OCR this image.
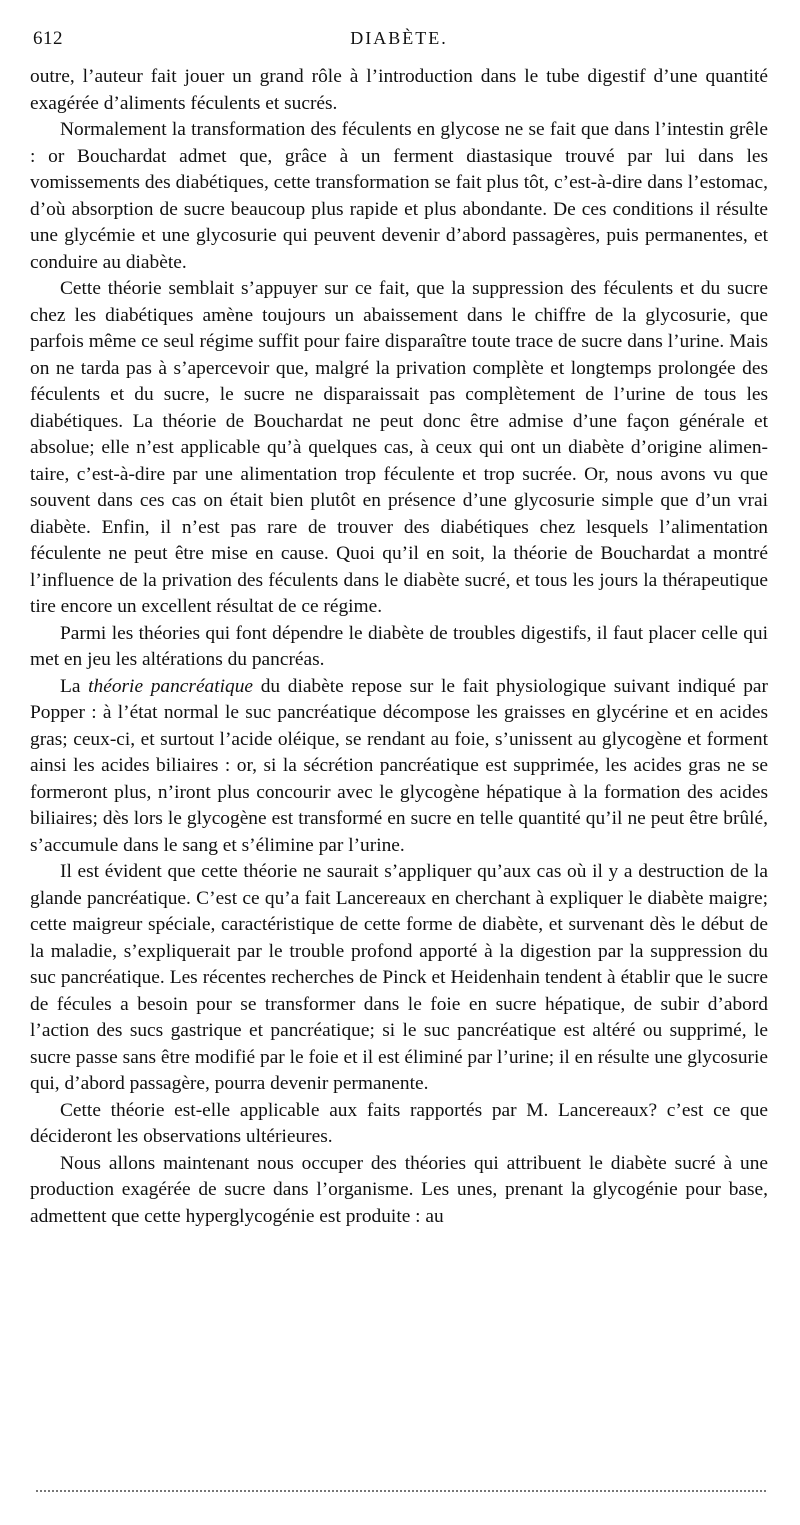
612	DIABÈTE.

outre, l’auteur fait jouer un grand rôle à l’introduction dans le tube digestif d’une quantité exagérée d’aliments féculents et sucrés.

Normalement la transformation des féculents en glycose ne se fait que dans l’intestin grêle : or Bouchardat admet que, grâce à un ferment diastasique trouvé par lui dans les vomissements des diabétiques, cette transformation se fait plus tôt, c’est-à-dire dans l’estomac, d’où absorption de sucre beaucoup plus rapide et plus abondante. De ces conditions il résulte une glycémie et une glycosurie qui peuvent devenir d’abord passagères, puis permanentes, et conduire au diabète.

Cette théorie semblait s’appuyer sur ce fait, que la suppression des féculents et du sucre chez les diabétiques amène toujours un abaissement dans le chiffre de la glycosurie, que parfois même ce seul régime suffit pour faire disparaître toute trace de sucre dans l’urine. Mais on ne tarda pas à s’apercevoir que, malgré la privation complète et longtemps prolongée des féculents et du sucre, le sucre ne disparaissait pas complètement de l’urine de tous les diabétiques. La théorie de Bouchardat ne peut donc être admise d’une façon générale et absolue; elle n’est applicable qu’à quelques cas, à ceux qui ont un diabète d’origine alimentaire, c’est-à-dire par une alimentation trop féculente et trop sucrée. Or, nous avons vu que souvent dans ces cas on était bien plutôt en présence d’une glycosurie simple que d’un vrai diabète. Enfin, il n’est pas rare de trouver des diabétiques chez lesquels l’alimentation féculente ne peut être mise en cause. Quoi qu’il en soit, la théorie de Bouchardat a montré l’influence de la privation des féculents dans le diabète sucré, et tous les jours la thérapeutique tire encore un excellent résultat de ce régime.

Parmi les théories qui font dépendre le diabète de troubles digestifs, il faut placer celle qui met en jeu les altérations du pancréas.

La théorie pancréatique du diabète repose sur le fait physiologique suivant indiqué par Popper : à l’état normal le suc pancréatique décompose les graisses en glycérine et en acides gras; ceux-ci, et surtout l’acide oléique, se rendant au foie, s’unissent au glycogène et forment ainsi les acides biliaires : or, si la sécrétion pancréatique est supprimée, les acides gras ne se formeront plus, n’iront plus concourir avec le glycogène hépatique à la formation des acides biliaires; dès lors le glycogène est transformé en sucre en telle quantité qu’il ne peut être brûlé, s’accumule dans le sang et s’élimine par l’urine.

Il est évident que cette théorie ne saurait s’appliquer qu’aux cas où il y a destruction de la glande pancréatique. C’est ce qu’a fait Lancereaux en cherchant à expliquer le diabète maigre; cette maigreur spéciale, caractéristique de cette forme de diabète, et survenant dès le début de la maladie, s’expliquerait par le trouble profond apporté à la digestion par la suppression du suc pancréatique. Les récentes recherches de Pinck et Heidenhain tendent à établir que le sucre de fécules a besoin pour se transformer dans le foie en sucre hépatique, de subir d’abord l’action des sucs gastrique et pancréatique; si le suc pancréatique est altéré ou supprimé, le sucre passe sans être modifié par le foie et il est éliminé par l’urine; il en résulte une glycosurie qui, d’abord passagère, pourra devenir permanente.

Cette théorie est-elle applicable aux faits rapportés par M. Lancereaux? c’est ce que décideront les observations ultérieures.

Nous allons maintenant nous occuper des théories qui attribuent le diabète sucré à une production exagérée de sucre dans l’organisme. Les unes, prenant la glycogénie pour base, admettent que cette hyperglycogénie est produite : au
